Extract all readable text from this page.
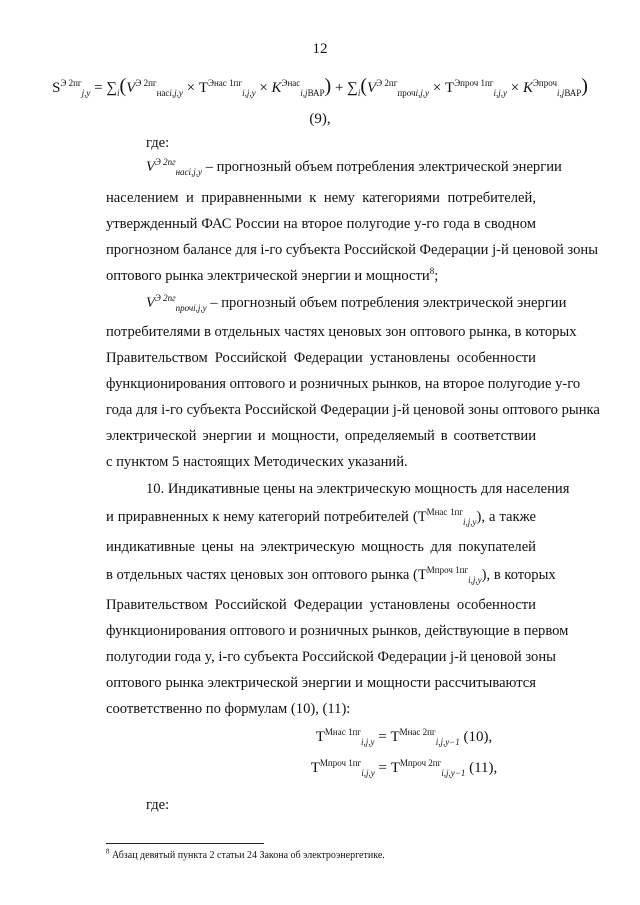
12
$S^{Э 2пг}_{j,y} = \sum_i(V^{Э 2пг}_{насi,j,y} \times Т^{Энас 1пг}_{i,j,y} \times K^{Энас}_{i,jВАР}) + \sum_i(V^{Э 2пг}_{прочi,j,y} \times Т^{Эпроч 1пг}_{i,j,y} \times K^{Эпроч}_{i,jВАР})$
(9),
где:
$V^{Э 2пг}_{насi,j,y}$ – прогнозный объем потребления электрической энергии
населением и приравненными к нему категориями потребителей,
утвержденный ФАС России на второе полугодие y-го года в сводном
прогнозном балансе для i-го субъекта Российской Федерации j-й ценовой зоны
оптового рынка электрической энергии и мощности$^8$;
$V^{Э 2пг}_{прочi,j,y}$ – прогнозный объем потребления электрической энергии
потребителями в отдельных частях ценовых зон оптового рынка, в которых
Правительством Российской Федерации установлены особенности
функционирования оптового и розничных рынков, на второе полугодие y-го
года для i-го субъекта Российской Федерации j-й ценовой зоны оптового рынка
электрической энергии и мощности, определяемый в соответствии
с пунктом 5 настоящих Методических указаний.
10. Индикативные цены на электрическую мощность для населения
и приравненных к нему категорий потребителей $(Т^{Мнас 1пг}_{i,j,y})$, а также
индикативные цены на электрическую мощность для покупателей
в отдельных частях ценовых зон оптового рынка $(Т^{Мпроч 1пг}_{i,j,y})$, в которых
Правительством Российской Федерации установлены особенности
функционирования оптового и розничных рынков, действующие в первом
полугодии года y, i-го субъекта Российской Федерации j-й ценовой зоны
оптового рынка электрической энергии и мощности рассчитываются
соответственно по формулам (10), (11):
$Т^{Мнас 1пг}_{i,j,y} = Т^{Мнас 2пг}_{i,j,y-1}$ (10),
$Т^{Мпроч 1пг}_{i,j,y} = Т^{Мпроч 2пг}_{i,j,y-1}$ (11),
где:
$^8$ Абзац девятый пункта 2 статьи 24 Закона об электроэнергетике.
